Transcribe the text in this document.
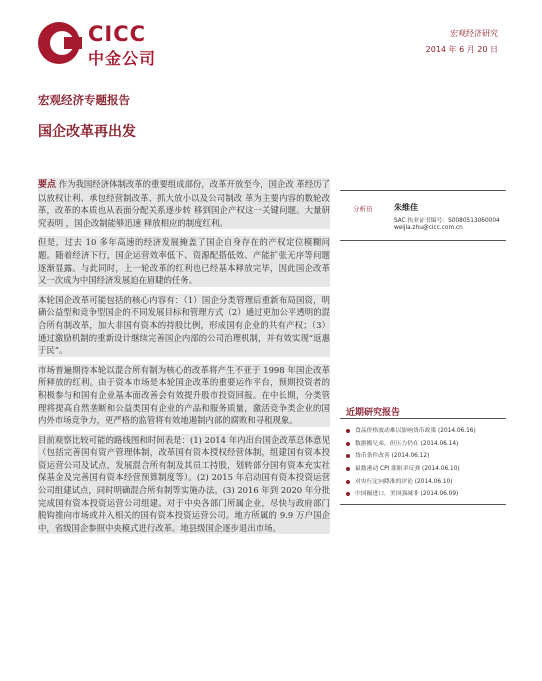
CICC
中金公司
宏观经济研究
2014 年 6 月 20 日
宏观经济专题报告
国企改革再出发

要点 作为我国经济体制改革的重要组成部份，改革开放至今，国企改 革经历了以放权让利、承包经营制改革、抓大放小以及公司制改 革为主要内容的数轮改革，改革的本质也从表面分配关系逐步转 移到国企产权这一关键问题。大量研究表明 ，国企改制能够迅速 释放相应的制度红利。

但是，过去 10 多年高速的经济发展掩盖了国企自身存在的产权定位模糊问题。随着经济下行，国企运营效率低下、资源配搭低效、产能扩张无序等问题逐渐显露。与此同时，上一轮改革的红利也已经基本释放完毕，因此国企改革又一次成为中国经济发展迫在眉睫的任务。

本轮国企改革可能包括的核心内容有：（1）国企分类管理后重新布局国资，明确公益型和竞争型国企的不同发展目标和管理方式（2）通过更加公平透明的混合所有制改革，加大非国有资本的持股比例，形成国有企业的共有产权；（3）通过激励机制的重新设计继续完善国企内部的公司治理机制，并有效实现“返惠于民”。

市场普遍期待本轮以混合所有制为核心的改革将产生不亚于 1998 年国企改革所释放的红利。由于资本市场是本轮国企改革的重要运作平台，预期投资者的积极参与和国有企业基本面改善会有效提升股市投资回报。在中长期，分类管理将提高自然垄断和公益类国有企业的产品和服务质量，激活竞争类企业的国内外市场竞争力，更严格的监管将有效地遏制内部的腐败和寻租现象。

目前观察比较可能的路线图和时间表是：(1) 2014 年内出台国企改革总体意见（包括完善国有资产管理体制，改革国有资本授权经营体制，组建国有资本投资运营公司及试点，发展混合所有制及其员工持股，划转部分国有资本充实社保基金及完善国有资本经营预算制度等）。(2) 2015 年启动国有资本投资运营公司组建试点，同时明确混合所有制等实施办法。(3) 2016 年到 2020 年分批完成国有资本投资运营公司组建。对于中央各部门所属企业，尽快与政府部门脱钩推向市场或并入相关的国有资本投资运营公司。地方所属的 9.9 万户国企中，省级国企参照中央模式进行改革。地县级国企逐步退出市场。

分析员	朱维佳
SAC 执业证书编号：S0080513060004
weijia.zhu@cicc.com.cn
近期研究报告
食品价格波动难以影响货币政策 (2014.06.16)
数据搬兄弟，但压力仍在 (2014.06.14)
货币条件改善 (2014.06.12)
鼠数港动 CPI 涨眼率反弹 (2014.06.10)
对央行定向降准的评论 (2014.06.10)
中国掘进口，美国强减非 (2014.06.09)
